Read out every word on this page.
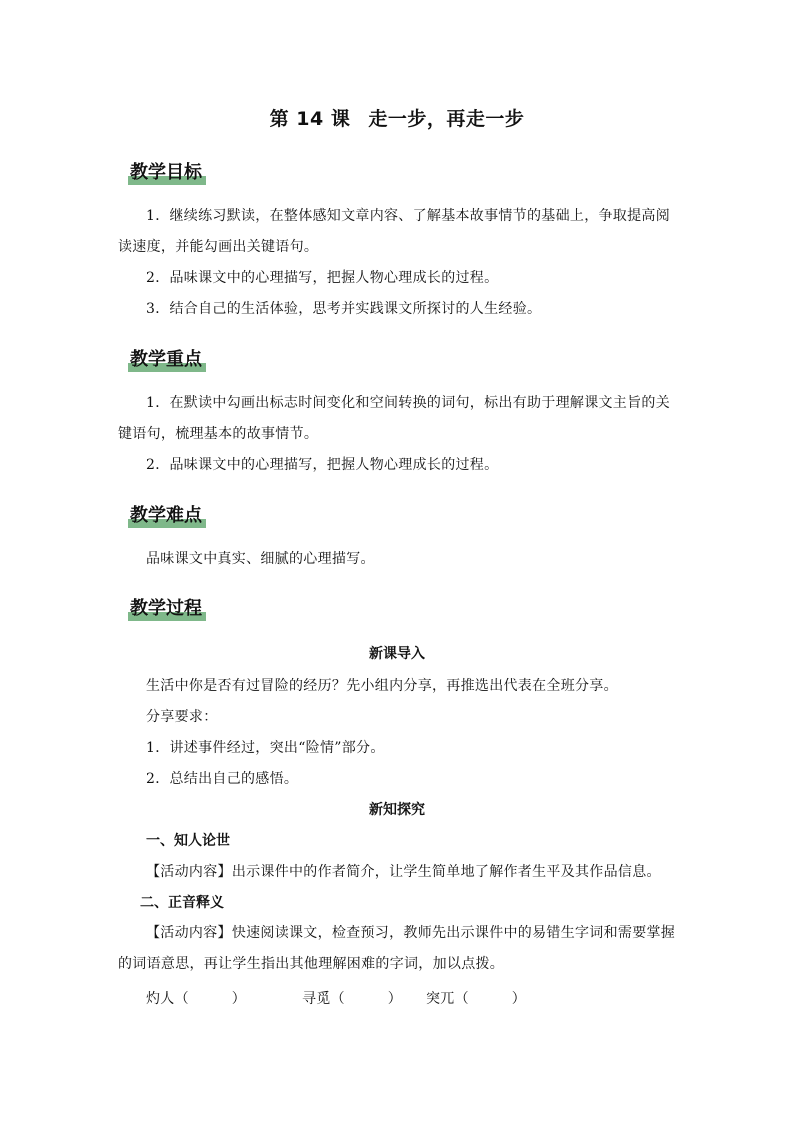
第 14 课 走一步，再走一步
教学目标
1．继续练习默读，在整体感知文章内容、了解基本故事情节的基础上，争取提高阅读速度，并能勾画出关键语句。
2．品味课文中的心理描写，把握人物心理成长的过程。
3．结合自己的生活体验，思考并实践课文所探讨的人生经验。
教学重点
1．在默读中勾画出标志时间变化和空间转换的词句，标出有助于理解课文主旨的关键语句，梳理基本的故事情节。
2．品味课文中的心理描写，把握人物心理成长的过程。
教学难点
品味课文中真实、细腻的心理描写。
教学过程
新课导入
生活中你是否有过冒险的经历？先小组内分享，再推选出代表在全班分享。
分享要求：
1．讲述事件经过，突出“险情”部分。
2．总结出自己的感悟。
新知探究
一、知人论世
【活动内容】出示课件中的作者简介，让学生简单地了解作者生平及其作品信息。
二、正音释义
【活动内容】快速阅读课文，检查预习，教师先出示课件中的易错生字词和需要掌握的词语意思，再让学生指出其他理解困难的字词，加以点拨。
灼人（　　　）	寻觅（　　　） 突兀（　　　）
